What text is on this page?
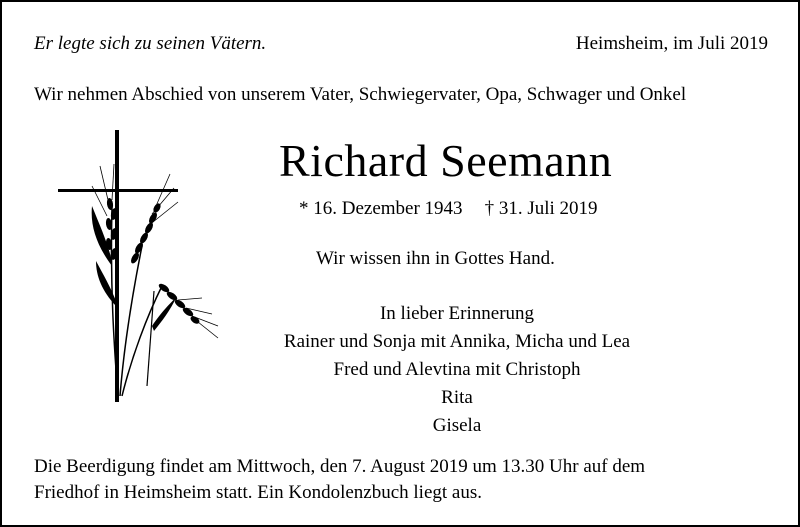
Er legte sich zu seinen Vätern.	Heimsheim, im Juli 2019
Wir nehmen Abschied von unserem Vater, Schwiegervater, Opa, Schwager und Onkel
Richard Seemann
* 16. Dezember 1943 † 31. Juli 2019
Wir wissen ihn in Gottes Hand.
In lieber Erinnerung
Rainer und Sonja mit Annika, Micha und Lea
Fred und Alevtina mit Christoph
Rita
Gisela
Die Beerdigung findet am Mittwoch, den 7. August 2019 um 13.30 Uhr auf dem
Friedhof in Heimsheim statt. Ein Kondolenzbuch liegt aus.
